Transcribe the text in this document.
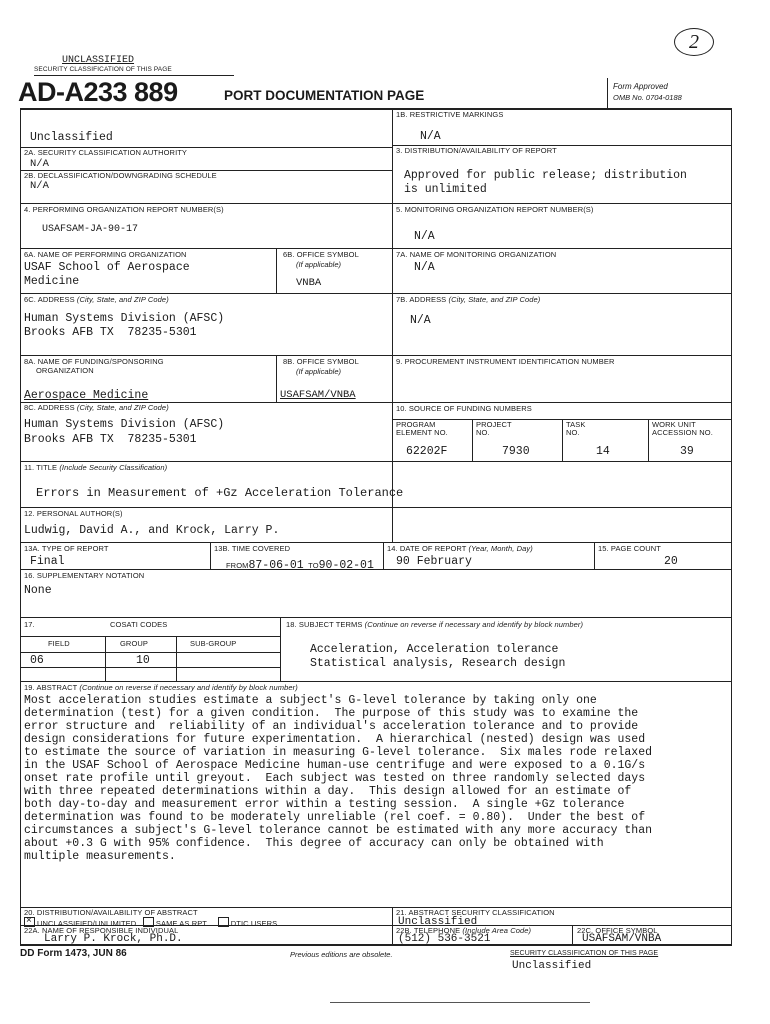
2
UNCLASSIFIED
SECURITY CLASSIFICATION OF THIS PAGE
AD-A233 889	PORT DOCUMENTATION PAGE
Form Approved
OMB No. 0704-0188
Unclassified
1B. RESTRICTIVE MARKINGS
N/A
2A. SECURITY CLASSIFICATION AUTHORITY
N/A
3. DISTRIBUTION/AVAILABILITY OF REPORT
Approved for public release; distribution
is unlimited
2B. DECLASSIFICATION/DOWNGRADING SCHEDULE
N/A
4. PERFORMING ORGANIZATION REPORT NUMBER(S)
USAFSAM-JA-90-17
5. MONITORING ORGANIZATION REPORT NUMBER(S)
N/A
6A. NAME OF PERFORMING ORGANIZATION
USAF School of Aerospace
Medicine
6B. OFFICE SYMBOL
(If applicable)
VNBA
7A. NAME OF MONITORING ORGANIZATION
N/A
6C. ADDRESS (City, State, and ZIP Code)
Human Systems Division (AFSC)
Brooks AFB TX  78235-5301
7B. ADDRESS (City, State, and ZIP Code)
N/A
8A. NAME OF FUNDING/SPONSORING
ORGANIZATION
Aerospace Medicine
8B. OFFICE SYMBOL
(If applicable)
USAFSAM/VNBA
9. PROCUREMENT INSTRUMENT IDENTIFICATION NUMBER
8C. ADDRESS (City, State, and ZIP Code)
Human Systems Division (AFSC)
Brooks AFB TX  78235-5301
10. SOURCE OF FUNDING NUMBERS
PROGRAM
ELEMENT NO.
PROJECT
NO.
TASK
NO.
WORK UNIT
ACCESSION NO.
62202F	7930	14	39
11. TITLE (Include Security Classification)
Errors in Measurement of +Gz Acceleration Tolerance
12. PERSONAL AUTHOR(S)
Ludwig, David A., and Krock, Larry P.
13A. TYPE OF REPORT
Final
13B. TIME COVERED
FROM87-06-01 TO90-02-01
14. DATE OF REPORT (Year, Month, Day)
90 February
15. PAGE COUNT
20
16. SUPPLEMENTARY NOTATION
None
17.	COSATI CODES
FIELD	GROUP	SUB-GROUP
06	10
18. SUBJECT TERMS (Continue on reverse if necessary and identify by block number)
Acceleration, Acceleration tolerance
Statistical analysis, Research design
19. ABSTRACT (Continue on reverse if necessary and identify by block number)
Most acceleration studies estimate a subject's G-level tolerance by taking only one
determination (test) for a given condition.  The purpose of this study was to examine the
error structure and  reliability of an individual's acceleration tolerance and to provide
design considerations for future experimentation.  A hierarchical (nested) design was used
to estimate the source of variation in measuring G-level tolerance.  Six males rode relaxed
in the USAF School of Aerospace Medicine human-use centrifuge and were exposed to a 0.1G/s
onset rate profile until greyout.  Each subject was tested on three randomly selected days
with three repeated determinations within a day.  This design allowed for an estimate of
both day-to-day and measurement error within a testing session.  A single +Gz tolerance
determination was found to be moderately unreliable (rel coef. = 0.80).  Under the best of
circumstances a subject's G-level tolerance cannot be estimated with any more accuracy than
about +0.3 G with 95% confidence.  This degree of accuracy can only be obtained with
multiple measurements.
20. DISTRIBUTION/AVAILABILITY OF ABSTRACT
× UNCLASSIFIED/UNLIMITED	SAME AS RPT	DTIC USERS
21. ABSTRACT SECURITY CLASSIFICATION
Unclassified
22A. NAME OF RESPONSIBLE INDIVIDUAL
Larry P. Krock, Ph.D.
22B. TELEPHONE (Include Area Code)
(512) 536-3521
22C. OFFICE SYMBOL
USAFSAM/VNBA
DD Form 1473, JUN 86	Previous editions are obsolete.	SECURITY CLASSIFICATION OF THIS PAGE
Unclassified
